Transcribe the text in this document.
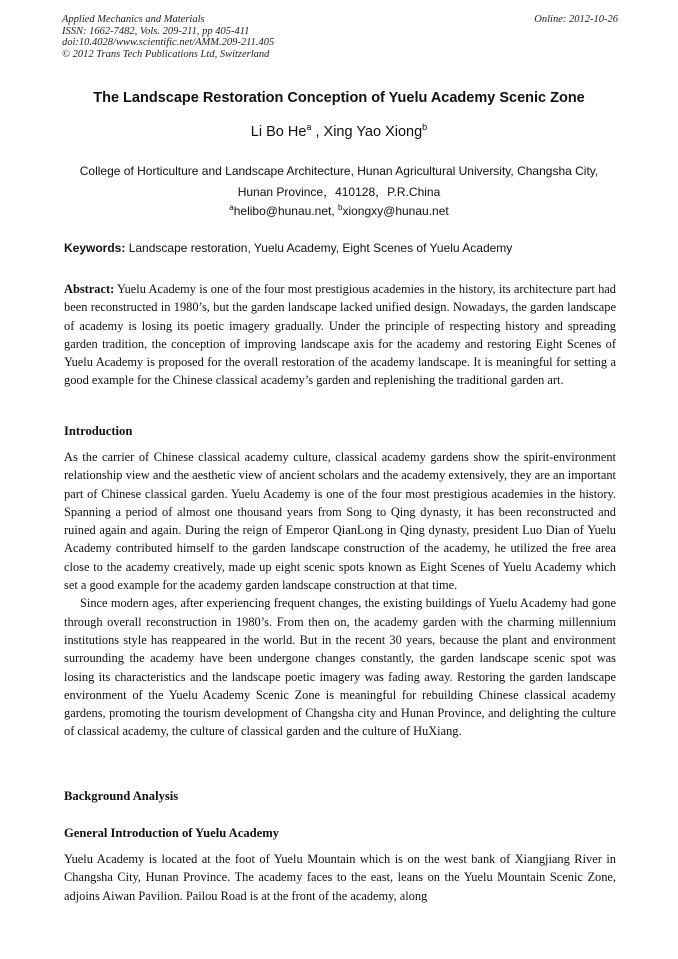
Applied Mechanics and Materials
ISSN: 1662-7482, Vols. 209-211, pp 405-411
doi:10.4028/www.scientific.net/AMM.209-211.405
© 2012 Trans Tech Publications Ltd, Switzerland
Online: 2012-10-26
The Landscape Restoration Conception of Yuelu Academy Scenic Zone
Li Bo He$^a$ , Xing Yao Xiong$^b$
College of Horticulture and Landscape Architecture, Hunan Agricultural University, Changsha City,
Hunan Province，410128，P.R.China
$^a$helibo@hunau.net, $^b$xiongxy@hunau.net
Keywords: Landscape restoration, Yuelu Academy, Eight Scenes of Yuelu Academy
Abstract: Yuelu Academy is one of the four most prestigious academies in the history, its architecture part had been reconstructed in 1980’s, but the garden landscape lacked unified design. Nowadays, the garden landscape of academy is losing its poetic imagery gradually. Under the principle of respecting history and spreading garden tradition, the conception of improving landscape axis for the academy and restoring Eight Scenes of Yuelu Academy is proposed for the overall restoration of the academy landscape. It is meaningful for setting a good example for the Chinese classical academy’s garden and replenishing the traditional garden art.
Introduction

As the carrier of Chinese classical academy culture, classical academy gardens show the spirit-environment relationship view and the aesthetic view of ancient scholars and the academy extensively, they are an important part of Chinese classical garden. Yuelu Academy is one of the four most prestigious academies in the history. Spanning a period of almost one thousand years from Song to Qing dynasty, it has been reconstructed and ruined again and again. During the reign of Emperor QianLong in Qing dynasty, president Luo Dian of Yuelu Academy contributed himself to the garden landscape construction of the academy, he utilized the free area close to the academy creatively, made up eight scenic spots known as Eight Scenes of Yuelu Academy which set a good example for the academy garden landscape construction at that time.

Since modern ages, after experiencing frequent changes, the existing buildings of Yuelu Academy had gone through overall reconstruction in 1980’s. From then on, the academy garden with the charming millennium institutions style has reappeared in the world. But in the recent 30 years, because the plant and environment surrounding the academy have been undergone changes constantly, the garden landscape scenic spot was losing its characteristics and the landscape poetic imagery was fading away. Restoring the garden landscape environment of the Yuelu Academy Scenic Zone is meaningful for rebuilding Chinese classical academy gardens, promoting the tourism development of Changsha city and Hunan Province, and delighting the culture of classical academy, the culture of classical garden and the culture of HuXiang.

Background Analysis
General Introduction of Yuelu Academy
Yuelu Academy is located at the foot of Yuelu Mountain which is on the west bank of Xiangjiang River in Changsha City, Hunan Province. The academy faces to the east, leans on the Yuelu Mountain Scenic Zone, adjoins Aiwan Pavilion. Pailou Road is at the front of the academy, along
